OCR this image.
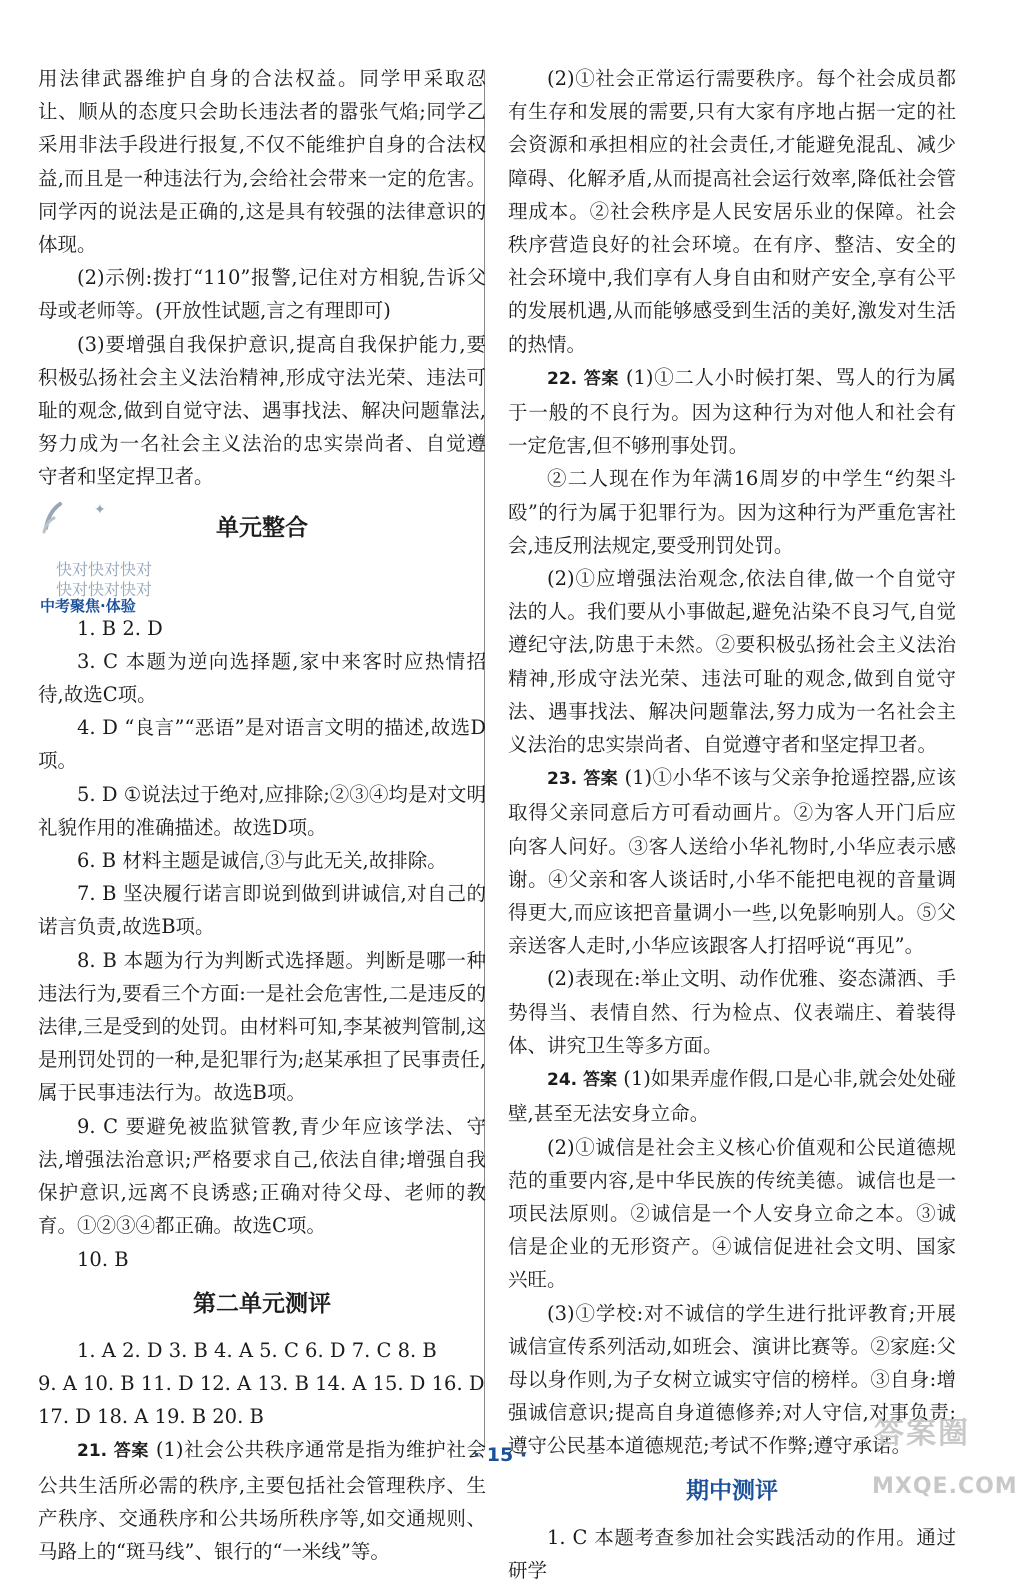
用法律武器维护自身的合法权益。同学甲采取忍让、顺从的态度只会助长违法者的嚣张气焰;同学乙采用非法手段进行报复,不仅不能维护自身的合法权益,而且是一种违法行为,会给社会带来一定的危害。同学丙的说法是正确的,这是具有较强的法律意识的体现。

(2)示例:拨打“110”报警,记住对方相貌,告诉父母或老师等。(开放性试题,言之有理即可)

(3)要增强自我保护意识,提高自我保护能力,要积极弘扬社会主义法治精神,形成守法光荣、违法可耻的观念,做到自觉守法、遇事找法、解决问题靠法,努力成为一名社会主义法治的忠实崇尚者、自觉遵守者和坚定捍卫者。

✦
单元整合
快对快对快对
快对快对快对
中考聚焦·体验

1. B 2. D

3. C 本题为逆向选择题,家中来客时应热情招待,故选C项。

4. D “良言”“恶语”是对语言文明的描述,故选D项。

5. D ①说法过于绝对,应排除;②③④均是对文明礼貌作用的准确描述。故选D项。

6. B 材料主题是诚信,③与此无关,故排除。

7. B 坚决履行诺言即说到做到讲诚信,对自己的诺言负责,故选B项。

8. B 本题为行为判断式选择题。判断是哪一种违法行为,要看三个方面:一是社会危害性,二是违反的法律,三是受到的处罚。由材料可知,李某被判管制,这是刑罚处罚的一种,是犯罪行为;赵某承担了民事责任,属于民事违法行为。故选B项。

9. C 要避免被监狱管教,青少年应该学法、守法,增强法治意识;严格要求自己,依法自律;增强自我保护意识,远离不良诱惑;正确对待父母、老师的教育。①②③④都正确。故选C项。

10. B

第二单元测评

1. A 2. D 3. B 4. A 5. C 6. D 7. C 8. B

9. A 10. B 11. D 12. A 13. B 14. A 15. D 16. D

17. D 18. A 19. B 20. B

21. 答案 (1)社会公共秩序通常是指为维护社会公共生活所必需的秩序,主要包括社会管理秩序、生产秩序、交通秩序和公共场所秩序等,如交通规则、马路上的“斑马线”、银行的“一米线”等。

(2)①社会正常运行需要秩序。每个社会成员都有生存和发展的需要,只有大家有序地占据一定的社会资源和承担相应的社会责任,才能避免混乱、减少障碍、化解矛盾,从而提高社会运行效率,降低社会管理成本。②社会秩序是人民安居乐业的保障。社会秩序营造良好的社会环境。在有序、整洁、安全的社会环境中,我们享有人身自由和财产安全,享有公平的发展机遇,从而能够感受到生活的美好,激发对生活的热情。

22. 答案 (1)①二人小时候打架、骂人的行为属于一般的不良行为。因为这种行为对他人和社会有一定危害,但不够刑事处罚。

②二人现在作为年满16周岁的中学生“约架斗殴”的行为属于犯罪行为。因为这种行为严重危害社会,违反刑法规定,要受刑罚处罚。

(2)①应增强法治观念,依法自律,做一个自觉守法的人。我们要从小事做起,避免沾染不良习气,自觉遵纪守法,防患于未然。②要积极弘扬社会主义法治精神,形成守法光荣、违法可耻的观念,做到自觉守法、遇事找法、解决问题靠法,努力成为一名社会主义法治的忠实崇尚者、自觉遵守者和坚定捍卫者。

23. 答案 (1)①小华不该与父亲争抢遥控器,应该取得父亲同意后方可看动画片。②为客人开门后应向客人问好。③客人送给小华礼物时,小华应表示感谢。④父亲和客人谈话时,小华不能把电视的音量调得更大,而应该把音量调小一些,以免影响别人。⑤父亲送客人走时,小华应该跟客人打招呼说“再见”。

(2)表现在:举止文明、动作优雅、姿态潇洒、手势得当、表情自然、行为检点、仪表端庄、着装得体、讲究卫生等多方面。

24. 答案 (1)如果弄虚作假,口是心非,就会处处碰壁,甚至无法安身立命。

(2)①诚信是社会主义核心价值观和公民道德规范的重要内容,是中华民族的传统美德。诚信也是一项民法原则。②诚信是一个人安身立命之本。③诚信是企业的无形资产。④诚信促进社会文明、国家兴旺。

(3)①学校:对不诚信的学生进行批评教育;开展诚信宣传系列活动,如班会、演讲比赛等。②家庭:父母以身作则,为子女树立诚实守信的榜样。③自身:增强诚信意识;提高自身道德修养;对人守信,对事负责;遵守公民基本道德规范;考试不作弊;遵守承诺。

期中测评

1. C 本题考查参加社会实践活动的作用。通过研学

· 15 ·
答案圈
MXQE.COM
